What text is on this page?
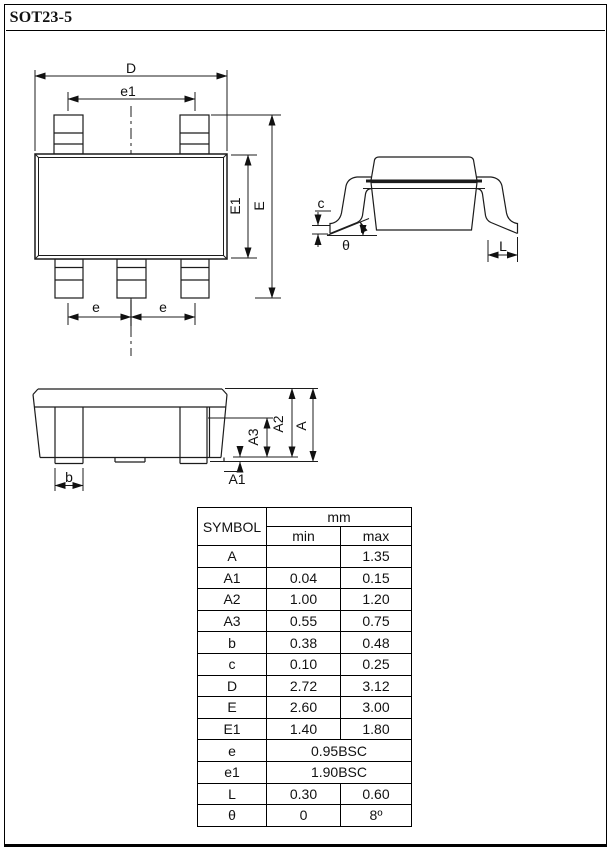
SOT23-5
D
e1
E1 E
e	e
c
θ	L
b	A1
A3
A2 A
SYMBOL	mm	
	min	max
A		1.35
A1	0.04	0.15
A2	1.00	1.20
A3	0.55	0.75
b	0.38	0.48
c	0.10	0.25
D	2.72	3.12
E	2.60	3.00
E1	1.40	1.80
e	0.95BSC	
e1	1.90BSC	
L	0.30	0.60
θ	0	8º
